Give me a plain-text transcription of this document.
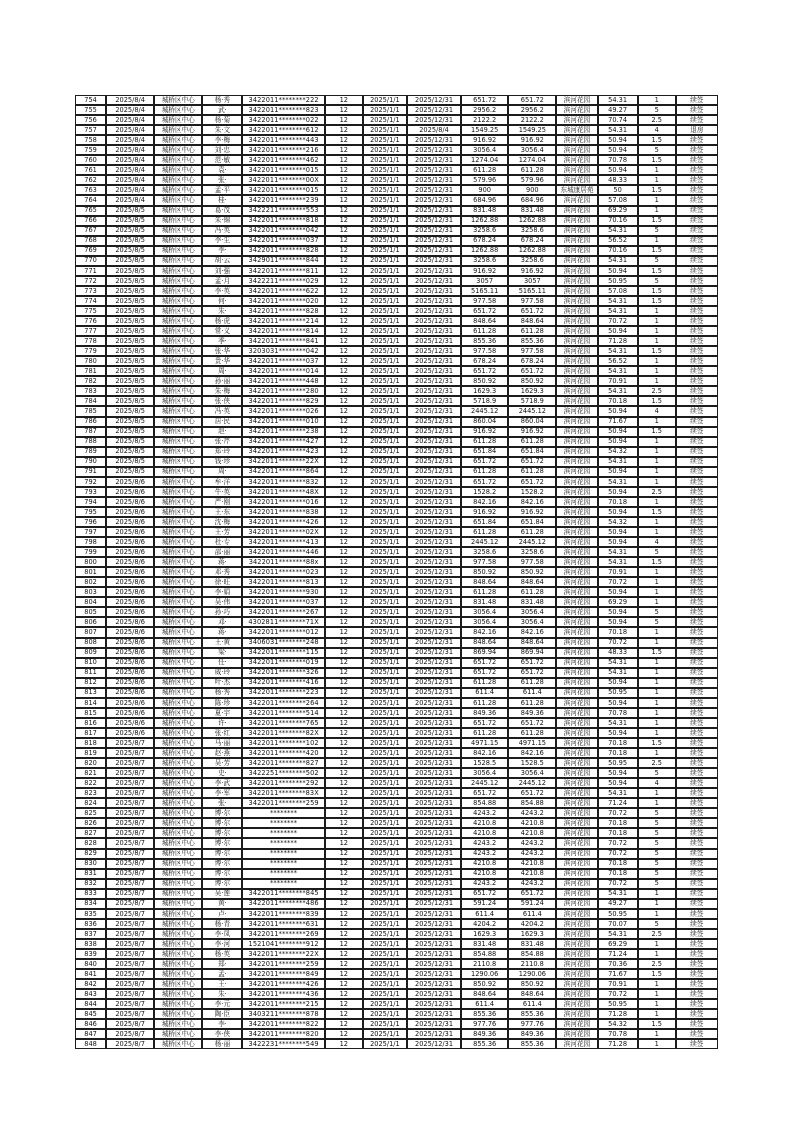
754	2025/8/4	城桥区中心	杨·秀	3422011********222	12	2025/1/1	2025/12/31	651.72	651.72	滨河花园	54.31	1	续签
755	2025/8/4	城桥区中心	武·	3422011********823	12	2025/1/1	2025/12/31	2956.2	2956.2	滨河花园	49.27	5	续签
756	2025/8/4	城桥区中心	杨·菊	3422011********022	12	2025/1/1	2025/12/31	2122.2	2122.2	滨河花园	70.74	2.5	续签
757	2025/8/4	城桥区中心	朱·文	3422011********612	12	2025/1/1	2025/8/4	1549.25	1549.25	滨河花园	54.31	4	退房
758	2025/8/4	城桥区中心	李·梅	3422011********443	12	2025/1/1	2025/12/31	916.92	916.92	滨河花园	50.94	1.5	续签
759	2025/8/4	城桥区中心	刘·忠	3422011********216	12	2025/1/1	2025/12/31	3056.4	3056.4	滨河花园	50.94	5	续签
760	2025/8/4	城桥区中心	范·敏	3422011********462	12	2025/1/1	2025/12/31	1274.04	1274.04	滨河花园	70.78	1.5	续签
761	2025/8/4	城桥区中心	袁·	3422011********015	12	2025/1/1	2025/12/31	611.28	611.28	滨河花园	50.94	1	续签
762	2025/8/4	城桥区中心	张·	3422011********00X	12	2025/1/1	2025/12/31	579.96	579.96	滨河花园	48.33	1	续签
763	2025/8/4	城桥区中心	孟·平	3422011********015	12	2025/1/1	2025/12/31	900	900	东城康居苑	50	1.5	续签
764	2025/8/4	城桥区中心	桂·	3422011********239	12	2025/1/1	2025/12/31	684.96	684.96	滨河花园	57.08	1	续签
765	2025/8/5	城桥区中心	葛·茂	3422211********553	12	2025/1/1	2025/12/31	831.48	831.48	滨河花园	69.29	1	续签
766	2025/8/5	城桥区中心	朱·锦	3422011********818	12	2025/1/1	2025/12/31	1262.88	1262.88	滨河花园	70.16	1.5	续签
767	2025/8/5	城桥区中心	冯·英	3422011********042	12	2025/1/1	2025/12/31	3258.6	3258.6	滨河花园	54.31	5	续签
768	2025/8/5	城桥区中心	李·生	3422011********037	12	2025/1/1	2025/12/31	678.24	678.24	滨河花园	56.52	1	续签
769	2025/8/5	城桥区中心	李·	3422011********828	12	2025/1/1	2025/12/31	1262.88	1262.88	滨河花园	70.16	1.5	续签
770	2025/8/5	城桥区中心	胡·云	3429011********844	12	2025/1/1	2025/12/31	3258.6	3258.6	滨河花园	54.31	5	续签
771	2025/8/5	城桥区中心	刘·强	3422011********811	12	2025/1/1	2025/12/31	916.92	916.92	滨河花园	50.94	1.5	续签
772	2025/8/5	城桥区中心	孟·月	3422211********029	12	2025/1/1	2025/12/31	3057	3057	滨河花园	50.95	5	续签
773	2025/8/5	城桥区中心	李·英	3422011********622	12	2025/1/1	2025/12/31	5165.11	5165.11	滨河花园	57.08	1.5	续签
774	2025/8/5	城桥区中心	何·	3422011********020	12	2025/1/1	2025/12/31	977.58	977.58	滨河花园	54.31	1.5	续签
775	2025/8/5	城桥区中心	朱·	3422011********828	12	2025/1/1	2025/12/31	651.72	651.72	滨河花园	54.31	1	续签
776	2025/8/5	城桥区中心	杨·虎	3422011********214	12	2025/1/1	2025/12/31	848.64	848.64	滨河花园	70.72	1	续签
777	2025/8/5	城桥区中心	常·义	3422011********814	12	2025/1/1	2025/12/31	611.28	611.28	滨河花园	50.94	1	续签
778	2025/8/5	城桥区中心	季·	3422011********841	12	2025/1/1	2025/12/31	855.36	855.36	滨河花园	71.28	1	续签
779	2025/8/5	城桥区中心	张·华	3203031********042	12	2025/1/1	2025/12/31	977.58	977.58	滨河花园	54.31	1.5	续签
780	2025/8/5	城桥区中心	贵·华	3422011********037	12	2025/1/1	2025/12/31	678.24	678.24	滨河花园	56.52	1	续签
781	2025/8/5	城桥区中心	周·	3422011********014	12	2025/1/1	2025/12/31	651.72	651.72	滨河花园	54.31	1	续签
782	2025/8/5	城桥区中心	孙·丽	3422011********448	12	2025/1/1	2025/12/31	850.92	850.92	滨河花园	70.91	1	续签
783	2025/8/5	城桥区中心	朱·梅	3422011********280	12	2025/1/1	2025/12/31	1629.3	1629.3	滨河花园	54.31	2.5	续签
784	2025/8/5	城桥区中心	张·侠	3422011********829	12	2025/1/1	2025/12/31	5718.9	5718.9	滨河花园	70.18	1.5	续签
785	2025/8/5	城桥区中心	冯·英	3422011********026	12	2025/1/1	2025/12/31	2445.12	2445.12	滨河花园	50.94	4	续签
786	2025/8/5	城桥区中心	居·民	3422011********010	12	2025/1/1	2025/12/31	860.04	860.04	滨河花园	71.67	1	续签
787	2025/8/5	城桥区中心	赵·	3422011********238	12	2025/1/1	2025/12/31	916.92	916.92	滨河花园	50.94	1.5	续签
788	2025/8/5	城桥区中心	张·芹	3422011********427	12	2025/1/1	2025/12/31	611.28	611.28	滨河花园	50.94	1	续签
789	2025/8/5	城桥区中心	郑·玲	3422011********423	12	2025/1/1	2025/12/31	651.84	651.84	滨河花园	54.32	1	续签
790	2025/8/5	城桥区中心	钱·珍	3422011********22X	12	2025/1/1	2025/12/31	651.72	651.72	滨河花园	54.31	1	续签
791	2025/8/5	城桥区中心	周·	3422011********864	12	2025/1/1	2025/12/31	611.28	611.28	滨河花园	50.94	1	续签
792	2025/8/6	城桥区中心	牟·洋	3422011********832	12	2025/1/1	2025/12/31	651.72	651.72	滨河花园	54.31	1	续签
793	2025/8/6	城桥区中心	牛·英	3422011********48X	12	2025/1/1	2025/12/31	1528.2	1528.2	滨河花园	50.94	2.5	续签
794	2025/8/6	城桥区中心	严·刚	3422011********016	12	2025/1/1	2025/12/31	842.16	842.16	滨河花园	70.18	1	续签
795	2025/8/6	城桥区中心	王·东	3422011********838	12	2025/1/1	2025/12/31	916.92	916.92	滨河花园	50.94	1.5	续签
796	2025/8/6	城桥区中心	沈·梅	3422011********426	12	2025/1/1	2025/12/31	651.84	651.84	滨河花园	54.32	1	续签
797	2025/8/6	城桥区中心	王·芳	3422011********02X	12	2025/1/1	2025/12/31	611.28	611.28	滨河花园	50.94	1	续签
798	2025/8/6	城桥区中心	杜·专	3422011********413	12	2025/1/1	2025/12/31	2445.12	2445.12	滨河花园	50.94	4	续签
799	2025/8/6	城桥区中心	邵·丽	3422011********446	12	2025/1/1	2025/12/31	3258.6	3258.6	滨河花园	54.31	5	续签
800	2025/8/6	城桥区中心	蒋·	3422011********88x	12	2025/1/1	2025/12/31	977.58	977.58	滨河花园	54.31	1.5	续签
801	2025/8/6	城桥区中心	邓·秀	3422011********023	12	2025/1/1	2025/12/31	850.92	850.92	滨河花园	70.91	1	续签
802	2025/8/6	城桥区中心	徐·旺	3422011********813	12	2025/1/1	2025/12/31	848.64	848.64	滨河花园	70.72	1	续签
803	2025/8/6	城桥区中心	李·娟	3422011********930	12	2025/1/1	2025/12/31	611.28	611.28	滨河花园	50.94	1	续签
804	2025/8/6	城桥区中心	吴·伟	3422011********037	12	2025/1/1	2025/12/31	831.48	831.48	滨河花园	69.29	1	续签
805	2025/8/6	城桥区中心	孙·巧	3422011********267	12	2025/1/1	2025/12/31	3056.4	3056.4	滨河花园	50.94	5	续签
806	2025/8/6	城桥区中心	邓·	4302811********71X	12	2025/1/1	2025/12/31	3056.4	3056.4	滨河花园	50.94	5	续签
807	2025/8/6	城桥区中心	蒋·	3422011********012	12	2025/1/1	2025/12/31	842.16	842.16	滨河花园	70.18	1	续签
808	2025/8/6	城桥区中心	王·黄	3406031********248	12	2025/1/1	2025/12/31	848.64	848.64	滨河花园	70.72	1	续签
809	2025/8/6	城桥区中心	梁·	3422011********115	12	2025/1/1	2025/12/31	869.94	869.94	滨河花园	48.33	1.5	续签
810	2025/8/6	城桥区中心	任·	3422011********019	12	2025/1/1	2025/12/31	651.72	651.72	滨河花园	54.31	1	续签
811	2025/8/6	城桥区中心	威·玲	3422011********326	12	2025/1/1	2025/12/31	651.72	651.72	滨河花园	54.31	1	续签
812	2025/8/6	城桥区中心	叶·杰	3422011********416	12	2025/1/1	2025/12/31	611.28	611.28	滨河花园	50.94	1	续签
813	2025/8/6	城桥区中心	杨·秀	3422011********223	12	2025/1/1	2025/12/31	611.4	611.4	滨河花园	50.95	1	续签
814	2025/8/6	城桥区中心	陈·珍	3422011********264	12	2025/1/1	2025/12/31	611.28	611.28	滨河花园	50.94	1	续签
815	2025/8/6	城桥区中心	夏·宇	3422011********514	12	2025/1/1	2025/12/31	849.36	849.36	滨河花园	70.78	1	续签
816	2025/8/6	城桥区中心	许·	3422011********765	12	2025/1/1	2025/12/31	651.72	651.72	滨河花园	54.31	1	续签
817	2025/8/6	城桥区中心	张·红	3422011********82X	12	2025/1/1	2025/12/31	611.28	611.28	滨河花园	50.94	1	续签
818	2025/8/7	城桥区中心	马·丽	3422011********102	12	2025/1/1	2025/12/31	4971.15	4971.15	滨河花园	70.18	1.5	续签
819	2025/8/7	城桥区中心	赵·燕	3422011********420	12	2025/1/1	2025/12/31	842.16	842.16	滨河花园	70.18	1	续签
820	2025/8/7	城桥区中心	吴·芳	3422011********827	12	2025/1/1	2025/12/31	1528.5	1528.5	滨河花园	50.95	2.5	续签
821	2025/8/7	城桥区中心	史·	3422251********502	12	2025/1/1	2025/12/31	3056.4	3056.4	滨河花园	50.94	5	续签
822	2025/8/7	城桥区中心	李·武	3422011********292	12	2025/1/1	2025/12/31	2445.12	2445.12	滨河花园	50.94	4	续签
823	2025/8/7	城桥区中心	李·军	3422011********83X	12	2025/1/1	2025/12/31	651.72	651.72	滨河花园	54.31	1	续签
824	2025/8/7	城桥区中心	张·	3422011********259	12	2025/1/1	2025/12/31	854.88	854.88	滨河花园	71.24	1	续签
825	2025/8/7	城桥区中心	博·尔	********	12	2025/1/1	2025/12/31	4243.2	4243.2	滨河花园	70.72	5	续签
826	2025/8/7	城桥区中心	博·尔	********	12	2025/1/1	2025/12/31	4210.8	4210.8	滨河花园	70.18	5	续签
827	2025/8/7	城桥区中心	博·尔	********	12	2025/1/1	2025/12/31	4210.8	4210.8	滨河花园	70.18	5	续签
828	2025/8/7	城桥区中心	博·尔	********	12	2025/1/1	2025/12/31	4243.2	4243.2	滨河花园	70.72	5	续签
829	2025/8/7	城桥区中心	博·尔	********	12	2025/1/1	2025/12/31	4243.2	4243.2	滨河花园	70.72	5	续签
830	2025/8/7	城桥区中心	博·尔	********	12	2025/1/1	2025/12/31	4210.8	4210.8	滨河花园	70.18	5	续签
831	2025/8/7	城桥区中心	博·尔	********	12	2025/1/1	2025/12/31	4210.8	4210.8	滨河花园	70.18	5	续签
832	2025/8/7	城桥区中心	博·尔	********	12	2025/1/1	2025/12/31	4243.2	4243.2	滨河花园	70.72	5	续签
833	2025/8/7	城桥区中心	吴·莲	3422011********845	12	2025/1/1	2025/12/31	651.72	651.72	滨河花园	54.31	1	续签
834	2025/8/7	城桥区中心	黄·	3422011********486	12	2025/1/1	2025/12/31	591.24	591.24	滨河花园	49.27	1	续签
835	2025/8/7	城桥区中心	卢·	3422011********839	12	2025/1/1	2025/12/31	611.4	611.4	滨河花园	50.95	1	续签
836	2025/8/7	城桥区中心	杨·青	3422011********631	12	2025/1/1	2025/12/31	4204.2	4204.2	滨河花园	70.07	5	续签
837	2025/8/7	城桥区中心	李·凤	3422011********269	12	2025/1/1	2025/12/31	1629.3	1629.3	滨河花园	54.31	2.5	续签
838	2025/8/7	城桥区中心	李·河	1521041********912	12	2025/1/1	2025/12/31	831.48	831.48	滨河花园	69.29	1	续签
839	2025/8/7	城桥区中心	杨·英	3422011********22X	12	2025/1/1	2025/12/31	854.88	854.88	滨河花园	71.24	1	续签
840	2025/8/7	城桥区中心	郑·	3422011********259	12	2025/1/1	2025/12/31	2110.8	2110.8	滨河花园	70.36	2.5	续签
841	2025/8/7	城桥区中心	孟·	3422011********849	12	2025/1/1	2025/12/31	1290.06	1290.06	滨河花园	71.67	1.5	续签
842	2025/8/7	城桥区中心	王·	3422011********426	12	2025/1/1	2025/12/31	850.92	850.92	滨河花园	70.91	1	续签
843	2025/8/7	城桥区中心	朱·	3422011********436	12	2025/1/1	2025/12/31	848.64	848.64	滨河花园	70.72	1	续签
844	2025/8/7	城桥区中心	李·元	3422011********215	12	2025/1/1	2025/12/31	611.4	611.4	滨河花园	50.95	1	续签
845	2025/8/7	城桥区中心	陶·臣	3403211********878	12	2025/1/1	2025/12/31	855.36	855.36	滨河花园	71.28	1	续签
846	2025/8/7	城桥区中心	李·	3422011********822	12	2025/1/1	2025/12/31	977.76	977.76	滨河花园	54.32	1.5	续签
847	2025/8/7	城桥区中心	李·侠	3422011********820	12	2025/1/1	2025/12/31	849.36	849.36	滨河花园	70.78	1	续签
848	2025/8/7	城桥区中心	杨·丽	3422231********549	12	2025/1/1	2025/12/31	855.36	855.36	滨河花园	71.28	1	续签
